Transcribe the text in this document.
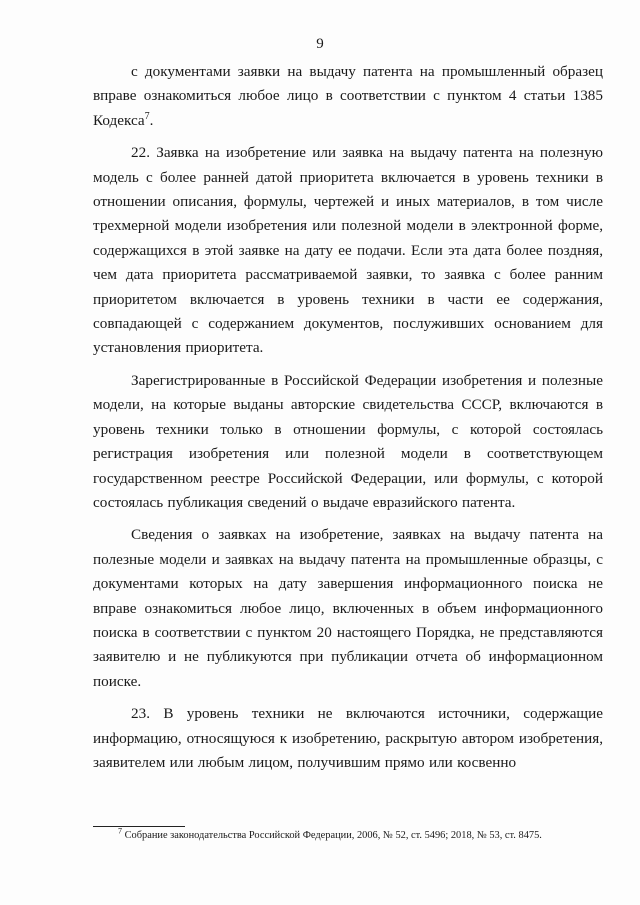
9

с документами заявки на выдачу патента на промышленный образец вправе ознакомиться любое лицо в соответствии с пунктом 4 статьи 1385 Кодекса$^7$.

22. Заявка на изобретение или заявка на выдачу патента на полезную модель с более ранней датой приоритета включается в уровень техники в отношении описания, формулы, чертежей и иных материалов, в том числе трехмерной модели изобретения или полезной модели в электронной форме, содержащихся в этой заявке на дату ее подачи. Если эта дата более поздняя, чем дата приоритета рассматриваемой заявки, то заявка с более ранним приоритетом включается в уровень техники в части ее содержания, совпадающей с содержанием документов, послуживших основанием для установления приоритета.

Зарегистрированные в Российской Федерации изобретения и полезные модели, на которые выданы авторские свидетельства СССР, включаются в уровень техники только в отношении формулы, с которой состоялась регистрация изобретения или полезной модели в соответствующем государственном реестре Российской Федерации, или формулы, с которой состоялась публикация сведений о выдаче евразийского патента.

Сведения о заявках на изобретение, заявках на выдачу патента на полезные модели и заявках на выдачу патента на промышленные образцы, с документами которых на дату завершения информационного поиска не вправе ознакомиться любое лицо, включенных в объем информационного поиска в соответствии с пунктом 20 настоящего Порядка, не представляются заявителю и не публикуются при публикации отчета об информационном поиске.

23. В уровень техники не включаются источники, содержащие информацию, относящуюся к изобретению, раскрытую автором изобретения, заявителем или любым лицом, получившим прямо или косвенно

$^7$ Собрание законодательства Российской Федерации, 2006, № 52, ст. 5496; 2018, № 53, ст. 8475.
